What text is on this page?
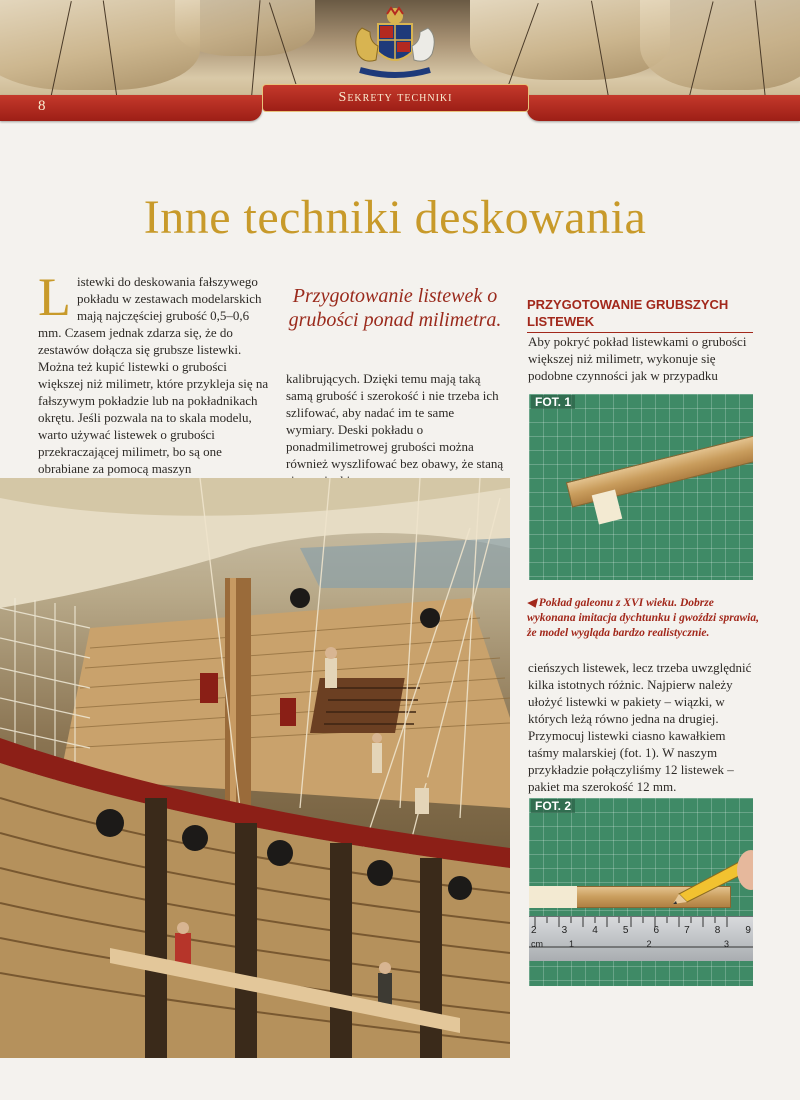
Sekrety techniki
8
Inne techniki deskowania
Listewki do deskowania fałszywego pokładu w zestawach modelarskich mają najczęściej grubość 0,5–0,6 mm. Czasem jednak zdarza się, że do zestawów dołącza się grubsze listewki. Można też kupić listewki o grubości większej niż milimetr, które przykleja się na fałszywym pokładzie lub na pokładnikach okrętu. Jeśli pozwala na to skala modelu, warto używać listewek o grubości przekraczającej milimetr, bo są one obrabiane za pomocą maszyn
Przygotowanie listewek o grubości ponad milimetra.
kalibrujących. Dzięki temu mają taką samą grubość i szerokość i nie trzeba ich szlifować, aby nadać im te same wymiary. Deski pokładu o ponadmilimetrowej grubości można również wyszlifować bez obawy, że staną
PRZYGOTOWANIE GRUBSZYCH LISTEWEK
Aby pokryć pokład listewkami o grubości większej niż milimetr, wykonuje się podobne czynności jak w przypadku
FOT. 1
◀ Pokład galeonu z XVI wieku. Dobrze wykonana imitacja dychtunku i gwoździ sprawia, że model wygląda bardzo realistycznie.
cieńszych listewek, lecz trzeba uwzględnić kilka istotnych różnic. Najpierw należy ułożyć listewki w pakiety – wiązki, w których leżą równo jedna na drugiej. Przymocuj listewki ciasno kawałkiem taśmy malarskiej (fot. 1). W naszym przykładzie połączyliśmy 12 listewek – pakiet ma szerokość 12 mm.
FOT. 2
2	3	4	5	6	7	8	9
cm	1	2	3
